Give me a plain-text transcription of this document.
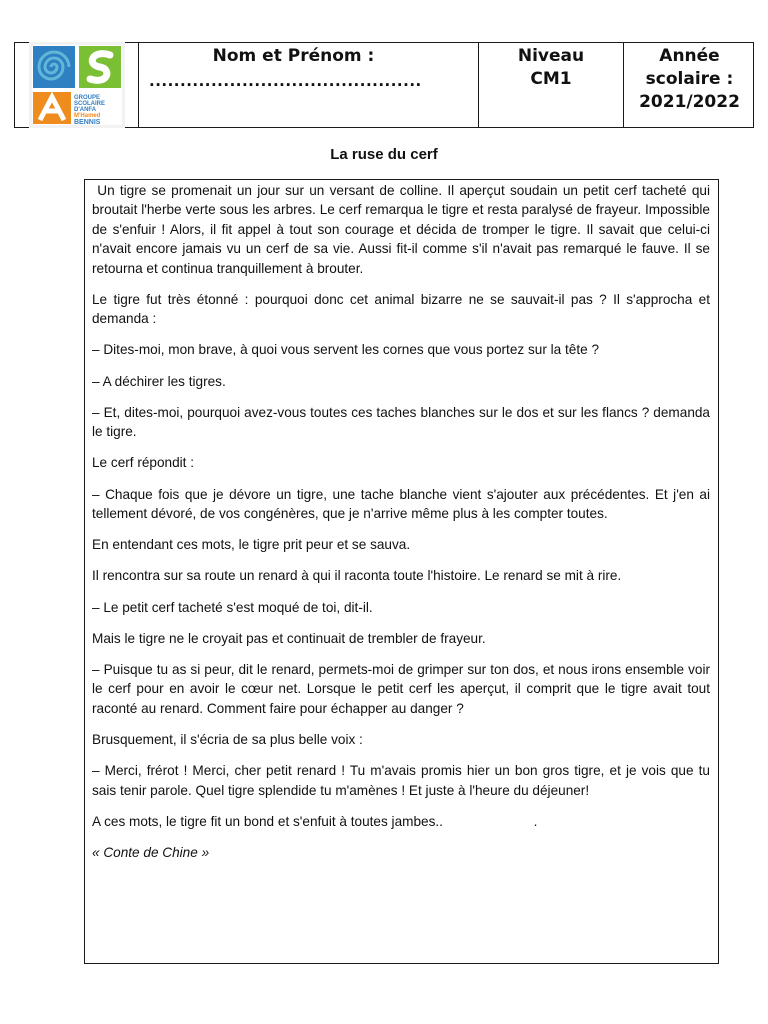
GROUPE
SCOLAIRE
D'ANFA
M'Hamed
BENNIS
Nom et Prénom :
............................................
Niveau
CM1
Année
scolaire :
2021/2022
La ruse du cerf

Un tigre se promenait un jour sur un versant de colline. Il aperçut soudain un petit cerf tacheté qui broutait l'herbe verte sous les arbres. Le cerf remarqua le tigre et resta paralysé de frayeur. Impossible de s'enfuir ! Alors, il fit appel à tout son courage et décida de tromper le tigre. Il savait que celui-ci n'avait encore jamais vu un cerf de sa vie. Aussi fit-il comme s'il n'avait pas remarqué le fauve. Il se retourna et continua tranquillement à brouter.

Le tigre fut très étonné : pourquoi donc cet animal bizarre ne se sauvait-il pas ? Il s'approcha et demanda :

– Dites-moi, mon brave, à quoi vous servent les cornes que vous portez sur la tête ?

– A déchirer les tigres.

– Et, dites-moi, pourquoi avez-vous toutes ces taches blanches sur le dos et sur les flancs ? demanda le tigre.

Le cerf répondit :

– Chaque fois que je dévore un tigre, une tache blanche vient s'ajouter aux précédentes. Et j'en ai tellement dévoré, de vos congénères, que je n'arrive même plus à les compter toutes.

En entendant ces mots, le tigre prit peur et se sauva.

Il rencontra sur sa route un renard à qui il raconta toute l'histoire. Le renard se mit à rire.

– Le petit cerf tacheté s'est moqué de toi, dit-il.

Mais le tigre ne le croyait pas et continuait de trembler de frayeur.

– Puisque tu as si peur, dit le renard, permets-moi de grimper sur ton dos, et nous irons ensemble voir le cerf pour en avoir le cœur net. Lorsque le petit cerf les aperçut, il comprit que le tigre avait tout raconté au renard. Comment faire pour échapper au danger ?

Brusquement, il s'écria de sa plus belle voix :

– Merci, frérot ! Merci, cher petit renard ! Tu m'avais promis hier un bon gros tigre, et je vois que tu sais tenir parole. Quel tigre splendide tu m'amènes ! Et juste à l'heure du déjeuner!

A ces mots, le tigre fit un bond et s'enfuit à toutes jambes..                        .

« Conte de Chine »
